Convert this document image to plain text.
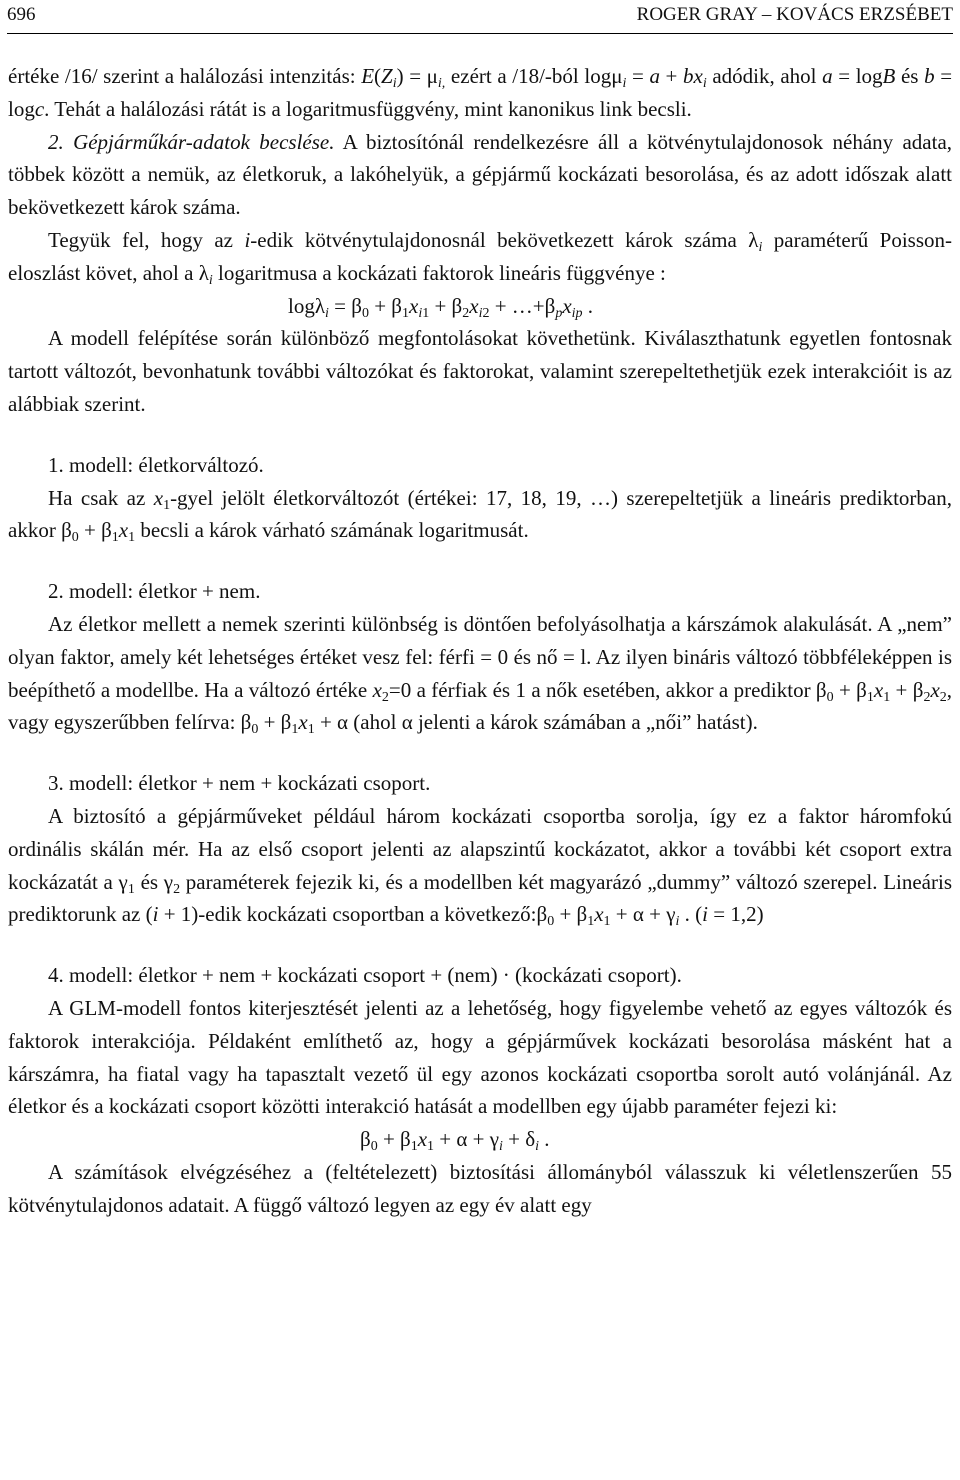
696	ROGER GRAY – KOVÁCS ERZSÉBET

értéke /16/ szerint a halálozási intenzitás: $E(Z_i) = \mu_{i,}$ ezért a /18/-ból $\log\mu_i = a + bx_i$ adódik, ahol a = logB és b = logc. Tehát a halálozási rátát is a logaritmusfüggvény, mint kanonikus link becsli.

2. Gépjárműkár-adatok becslése. A biztosítónál rendelkezésre áll a kötvénytulajdonosok néhány adata, többek között a nemük, az életkoruk, a lakóhelyük, a gépjármű kockázati besorolása, és az adott időszak alatt bekövetkezett károk száma.

Tegyük fel, hogy az i-edik kötvénytulajdonosnál bekövetkezett károk száma $\lambda_i$ paraméterű Poisson-eloszlást követ, ahol a $\lambda_i$ logaritmusa a kockázati faktorok lineáris függvénye :

$\log\lambda_i = \beta_0 + \beta_1x_{i1} + \beta_2x_{i2}$ + $\dots+\beta_px_{ip}$ .

A modell felépítése során különböző megfontolásokat követhetünk. Kiválaszthatunk egyetlen fontosnak tartott változót, bevonhatunk további változókat és faktorokat, valamint szerepeltethetjük ezek interakcióit is az alábbiak szerint.

1. modell: életkorváltozó.

Ha csak az $x_1$-gyel jelölt életkorváltozót (értékei: 17, 18, 19, …) szerepeltetjük a lineáris prediktorban, akkor $\beta_0 + \beta_1x_1$ becsli a károk várható számának logaritmusát.

2. modell: életkor + nem.

Az életkor mellett a nemek szerinti különbség is döntően befolyásolhatja a kárszámok alakulását. A „nem” olyan faktor, amely két lehetséges értéket vesz fel: férfi = 0 és nő = l. Az ilyen bináris változó többféleképpen is beépíthető a modellbe. Ha a változó értéke $x_2=0$ a férfiak és 1 a nők esetében, akkor a prediktor $\beta_0 + \beta_1x_1 + \beta_2x_2$, vagy egyszerűbben felírva: $\beta_0 + \beta_1x_1 + \alpha$ (ahol α jelenti a károk számában a „női” hatást).

3. modell: életkor + nem + kockázati csoport.

A biztosító a gépjárműveket például három kockázati csoportba sorolja, így ez a faktor háromfokú ordinális skálán mér. Ha az első csoport jelenti az alapszintű kockázatot, akkor a további két csoport extra kockázatát a $\gamma_1$ és $\gamma_2$ paraméterek fejezik ki, és a modellben két magyarázó „dummy” változó szerepel. Lineáris prediktorunk az (i + 1)-edik kockázati csoportban a $következő:\beta_0 + \beta_1x_1 + \alpha + \gamma_i$ . (i = 1,2)

4. modell: életkor + nem + kockázati csoport + (nem) · (kockázati csoport).

A GLM-modell fontos kiterjesztését jelenti az a lehetőség, hogy figyelembe vehető az egyes változók és faktorok interakciója. Példaként említhető az, hogy a gépjárművek kockázati besorolása másként hat a kárszámra, ha fiatal vagy ha tapasztalt vezető ül egy azonos kockázati csoportba sorolt autó volánjánál. Az életkor és a kockázati csoport közötti interakció hatását a modellben egy újabb paraméter fejezi ki:

$\beta_0 + \beta_1x_1 + \alpha + \gamma_i + \delta_i$ .

A számítások elvégzéséhez a (feltételezett) biztosítási állományból válasszuk ki véletlenszerűen 55 kötvénytulajdonos adatait. A függő változó legyen az egy év alatt egy
